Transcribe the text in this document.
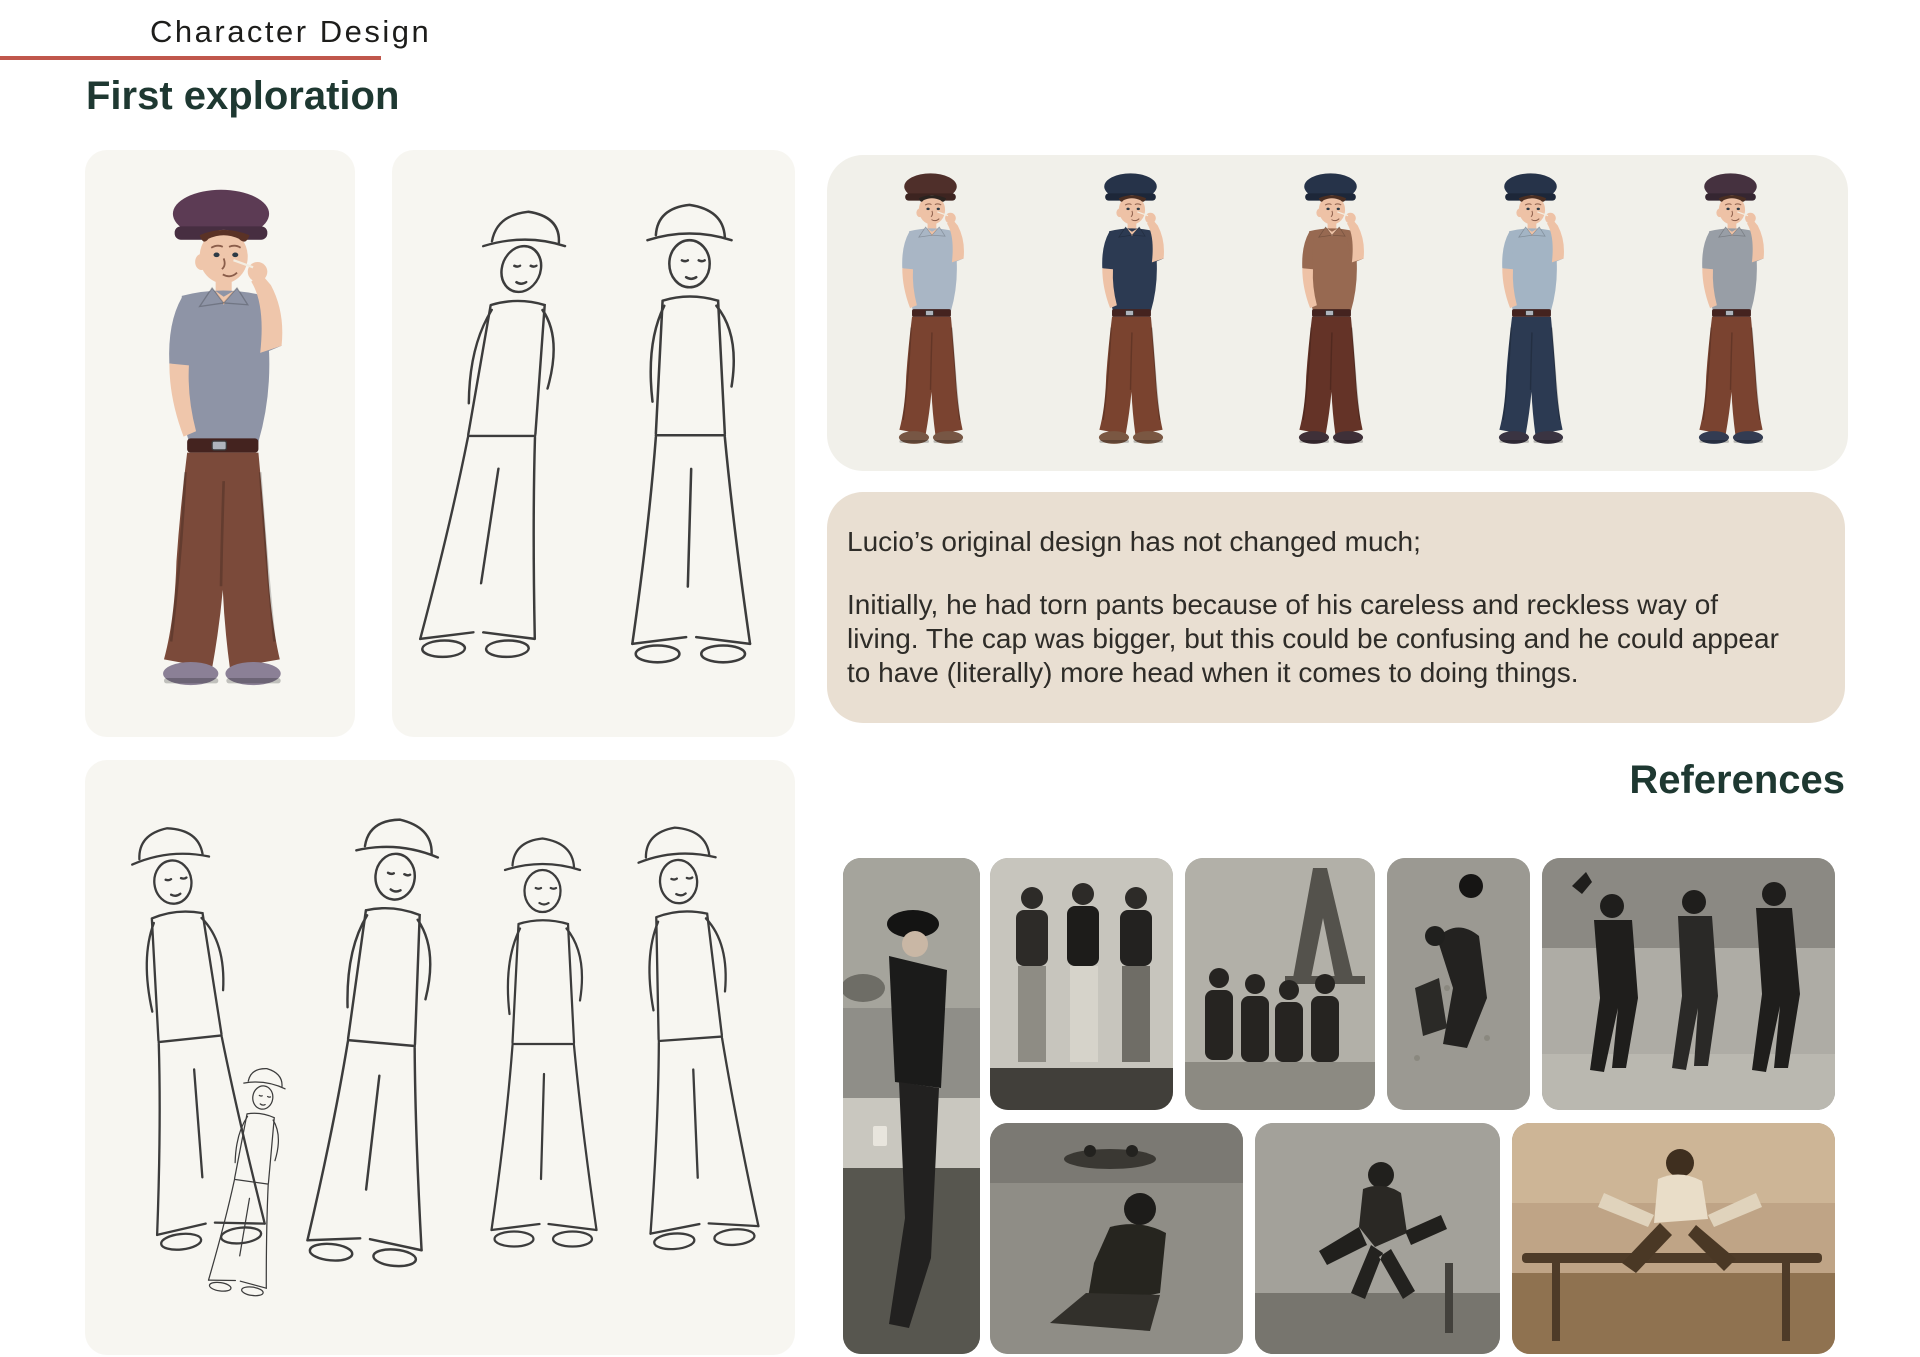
Character Design
First exploration

Lucio’s original design has not changed much;

Initially, he had torn pants because of his careless and reckless way of living. The cap was bigger, but this could be confusing and he could appear to have (literally) more head when it comes to doing things.

References
